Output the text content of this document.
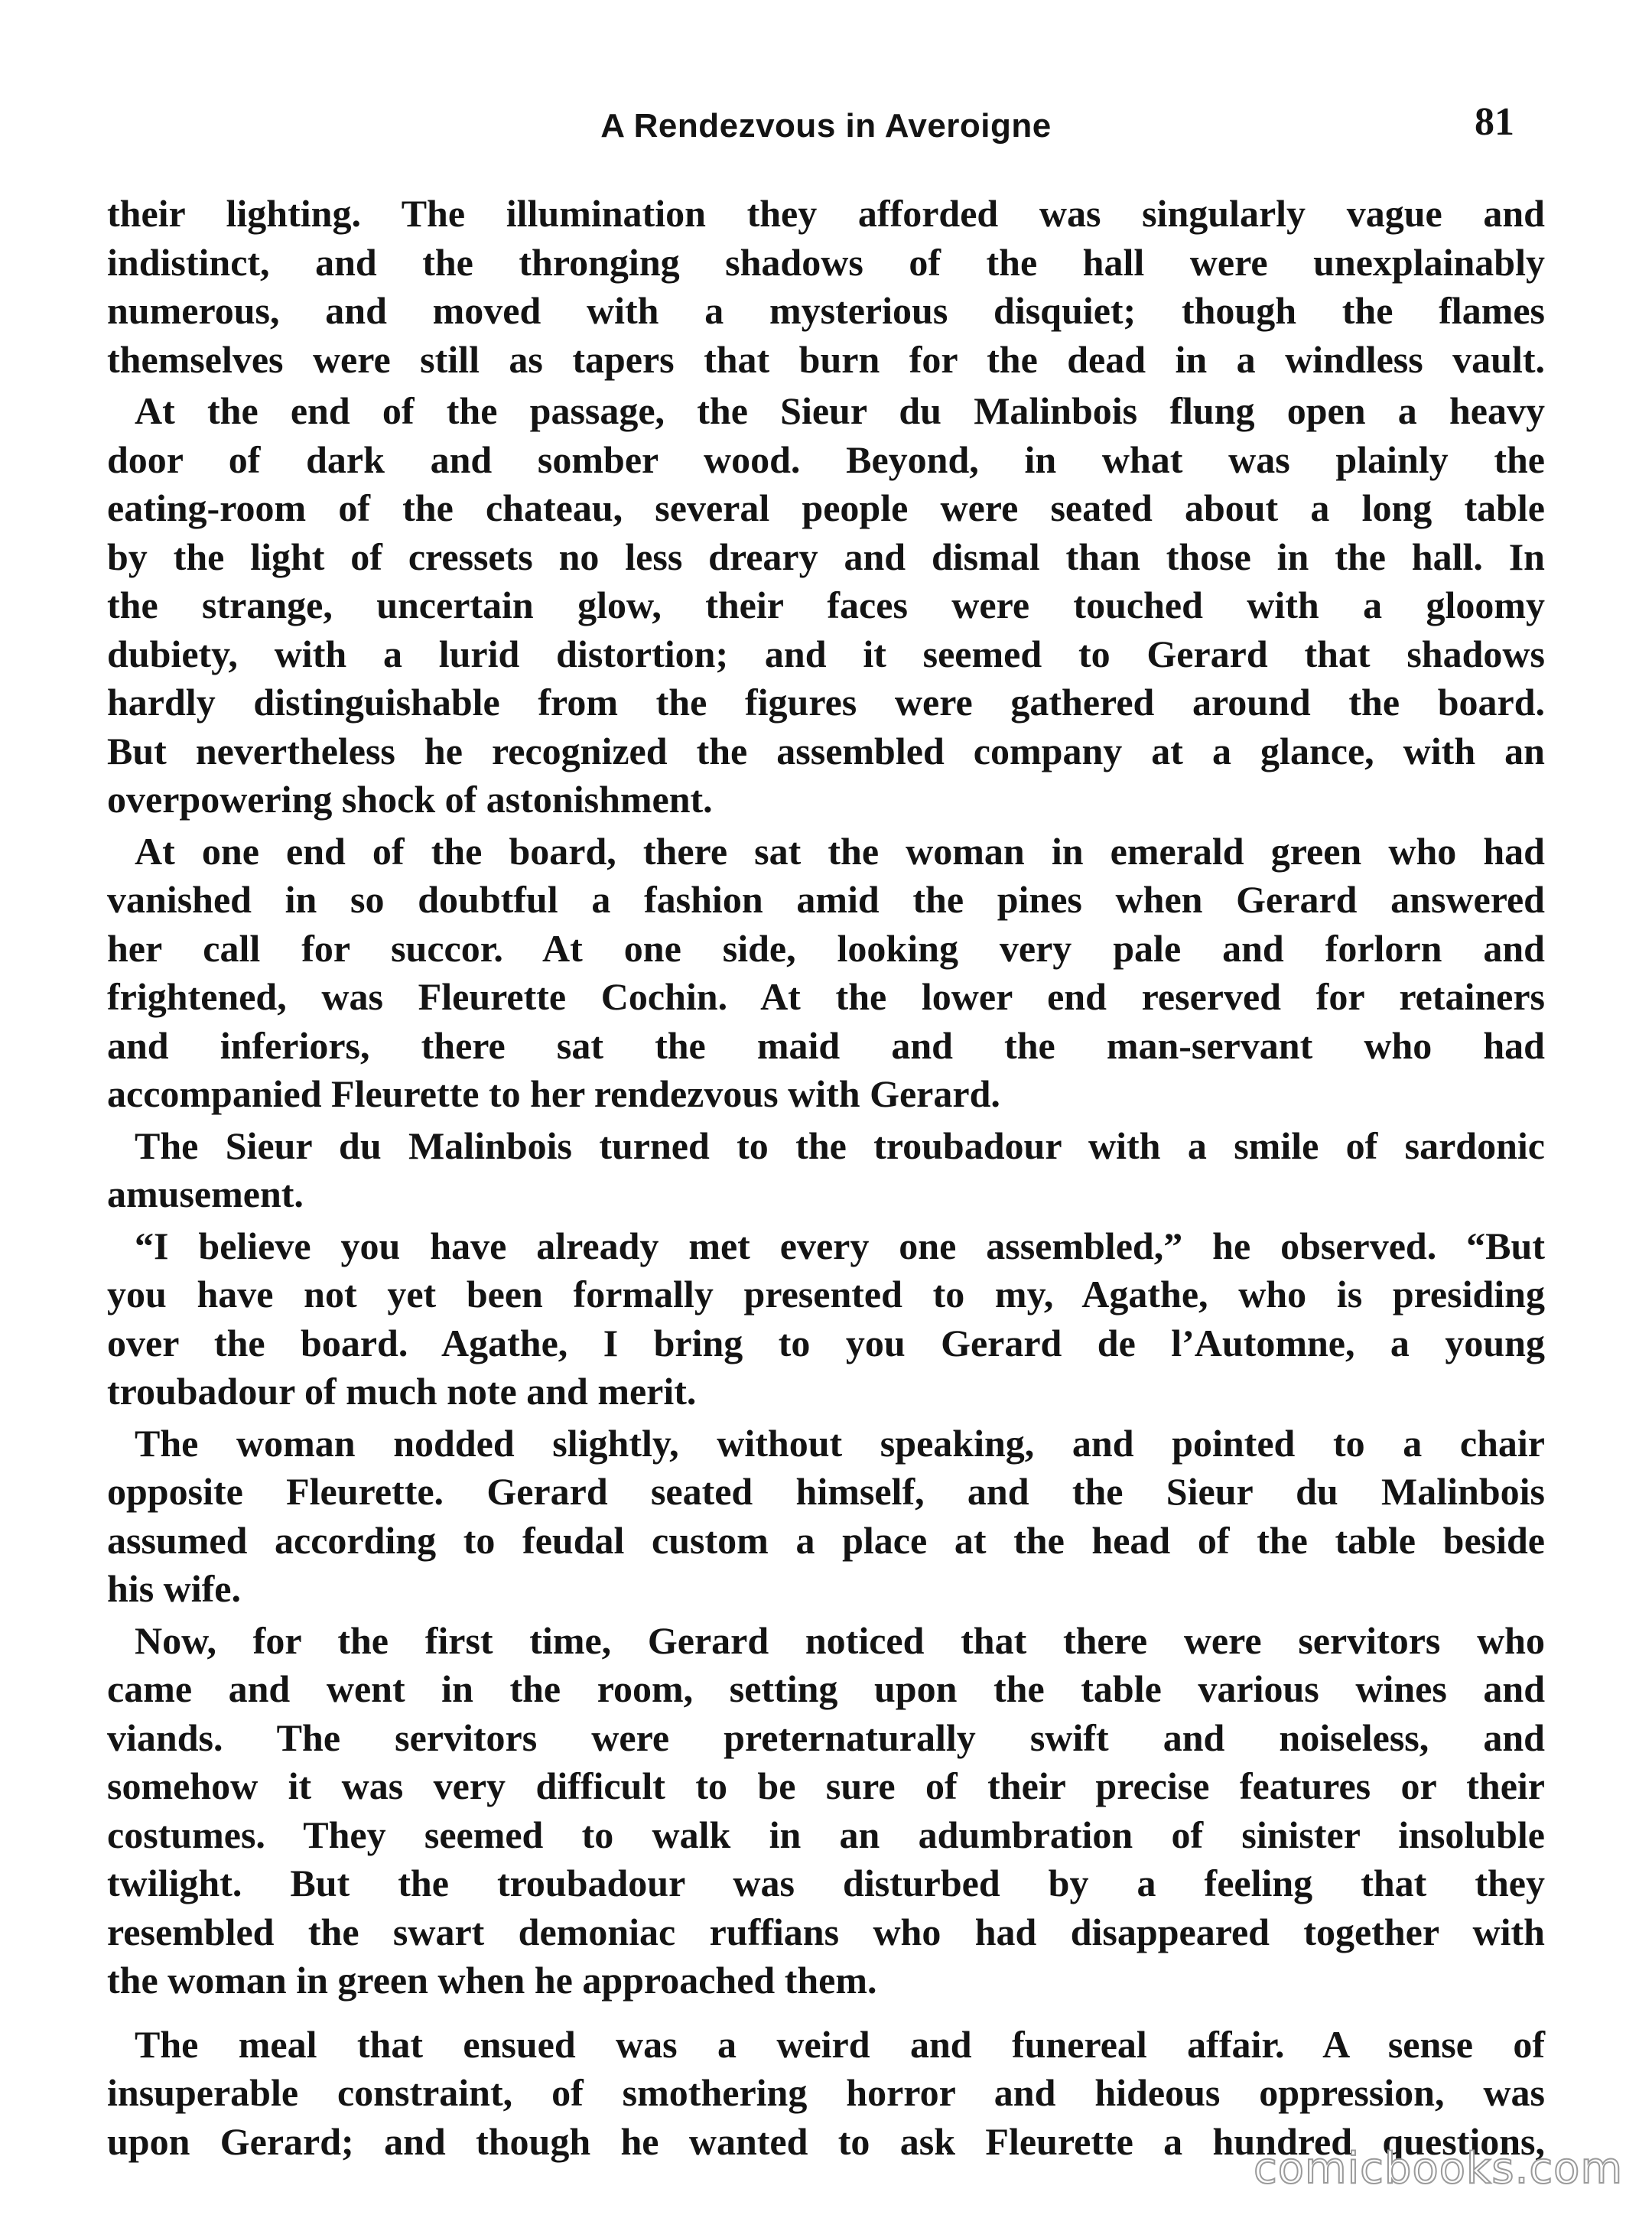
A Rendezvous in Averoigne	81
their lighting. The illumination they afforded was singularly vague and
indistinct, and the thronging shadows of the hall were unexplainably
numerous, and moved with a mysterious disquiet; though the flames
themselves were still as tapers that burn for the dead in a windless vault.
At the end of the passage, the Sieur du Malinbois flung open a heavy
door of dark and somber wood. Beyond, in what was plainly the
eating-room of the chateau, several people were seated about a long table
by the light of cressets no less dreary and dismal than those in the hall. In
the strange, uncertain glow, their faces were touched with a gloomy
dubiety, with a lurid distortion; and it seemed to Gerard that shadows
hardly distinguishable from the figures were gathered around the board.
But nevertheless he recognized the assembled company at a glance, with an
overpowering shock of astonishment.
At one end of the board, there sat the woman in emerald green who had
vanished in so doubtful a fashion amid the pines when Gerard answered
her call for succor. At one side, looking very pale and forlorn and
frightened, was Fleurette Cochin. At the lower end reserved for retainers
and inferiors, there sat the maid and the man-servant who had
accompanied Fleurette to her rendezvous with Gerard.
The Sieur du Malinbois turned to the troubadour with a smile of sardonic
amusement.
“I believe you have already met every one assembled,” he observed. “But
you have not yet been formally presented to my, Agathe, who is presiding
over the board. Agathe, I bring to you Gerard de l’Automne, a young
troubadour of much note and merit.
The woman nodded slightly, without speaking, and pointed to a chair
opposite Fleurette. Gerard seated himself, and the Sieur du Malinbois
assumed according to feudal custom a place at the head of the table beside
his wife.
Now, for the first time, Gerard noticed that there were servitors who
came and went in the room, setting upon the table various wines and
viands. The servitors were preternaturally swift and noiseless, and
somehow it was very difficult to be sure of their precise features or their
costumes. They seemed to walk in an adumbration of sinister insoluble
twilight. But the troubadour was disturbed by a feeling that they
resembled the swart demoniac ruffians who had disappeared together with
the woman in green when he approached them.
The meal that ensued was a weird and funereal affair. A sense of
insuperable constraint, of smothering horror and hideous oppression, was
upon Gerard; and though he wanted to ask Fleurette a hundred questions,
comicbooks.com
